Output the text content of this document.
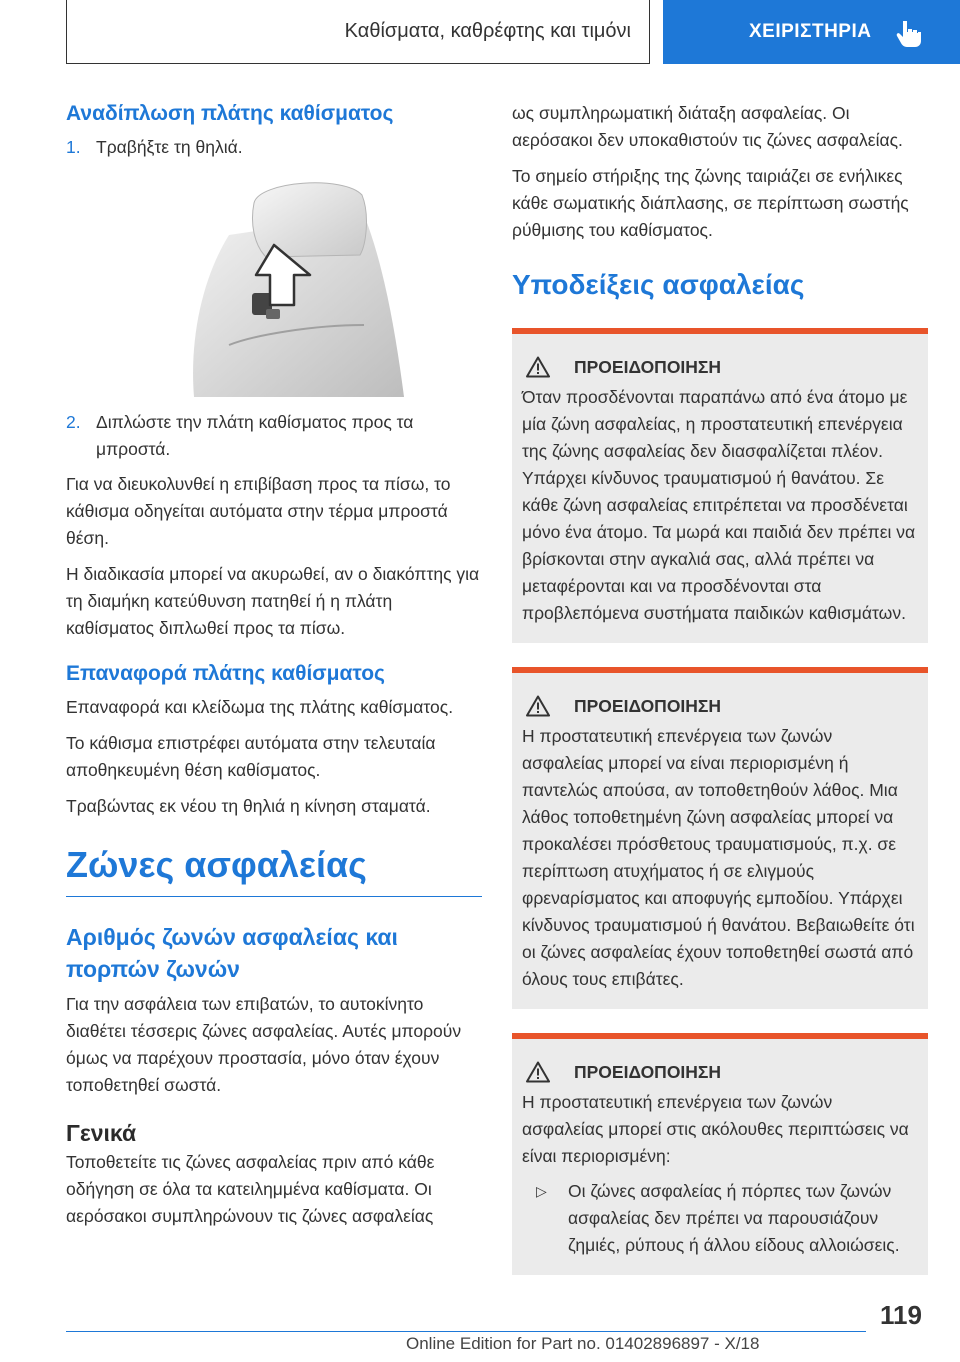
Καθίσματα, καθρέφτης και τιμόνι	ΧΕΙΡΙΣΤΗΡΙΑ
Αναδίπλωση πλάτης καθίσματος
1. Τραβήξτε τη θηλιά.
2. Διπλώστε την πλάτη καθίσματος προς τα μπροστά.

Για να διευκολυνθεί η επιβίβαση προς τα πίσω, το κάθισμα οδηγείται αυτόματα στην τέρμα μπροστά θέση.

Η διαδικασία μπορεί να ακυρωθεί, αν ο διακόπτης για τη διαμήκη κατεύθυνση πατηθεί ή η πλάτη καθίσματος διπλωθεί προς τα πίσω.

Επαναφορά πλάτης καθίσματος

Επαναφορά και κλείδωμα της πλάτης καθίσματος.

Το κάθισμα επιστρέφει αυτόματα στην τελευταία αποθηκευμένη θέση καθίσματος.

Τραβώντας εκ νέου τη θηλιά η κίνηση σταματά.

Ζώνες ασφαλείας
Αριθμός ζωνών ασφαλείας και πορπών ζωνών

Για την ασφάλεια των επιβατών, το αυτοκίνητο διαθέτει τέσσερις ζώνες ασφαλείας. Αυτές μπορούν όμως να παρέχουν προστασία, μόνο όταν έχουν τοποθετηθεί σωστά.

Γενικά

Τοποθετείτε τις ζώνες ασφαλείας πριν από κάθε οδήγηση σε όλα τα κατειλημμένα καθίσματα. Οι αερόσακοι συμπληρώνουν τις ζώνες ασφαλείας

ως συμπληρωματική διάταξη ασφαλείας. Οι αερόσακοι δεν υποκαθιστούν τις ζώνες ασφαλείας.

Το σημείο στήριξης της ζώνης ταιριάζει σε ενήλικες κάθε σωματικής διάπλασης, σε περίπτωση σωστής ρύθμισης του καθίσματος.

Υποδείξεις ασφαλείας
ΠΡΟΕΙΔΟΠΟΙΗΣΗ

Όταν προσδένονται παραπάνω από ένα άτομο με μία ζώνη ασφαλείας, η προστατευτική επενέργεια της ζώνης ασφαλείας δεν διασφαλίζεται πλέον. Υπάρχει κίνδυνος τραυματισμού ή θανάτου. Σε κάθε ζώνη ασφαλείας επιτρέπεται να προσδένεται μόνο ένα άτομο. Τα μωρά και παιδιά δεν πρέπει να βρίσκονται στην αγκαλιά σας, αλλά πρέπει να μεταφέρονται και να προσδένονται στα προβλεπόμενα συστήματα παιδικών καθισμάτων.

ΠΡΟΕΙΔΟΠΟΙΗΣΗ

Η προστατευτική επενέργεια των ζωνών ασφαλείας μπορεί να είναι περιορισμένη ή παντελώς απούσα, αν τοποθετηθούν λάθος. Μια λάθος τοποθετημένη ζώνη ασφαλείας μπορεί να προκαλέσει πρόσθετους τραυματισμούς, π.χ. σε περίπτωση ατυχήματος ή σε ελιγμούς φρεναρίσματος και αποφυγής εμποδίου. Υπάρχει κίνδυνος τραυματισμού ή θανάτου. Βεβαιωθείτε ότι οι ζώνες ασφαλείας έχουν τοποθετηθεί σωστά από όλους τους επιβάτες.

ΠΡΟΕΙΔΟΠΟΙΗΣΗ

Η προστατευτική επενέργεια των ζωνών ασφαλείας μπορεί στις ακόλουθες περιπτώσεις να είναι περιορισμένη:

▷	Οι ζώνες ασφαλείας ή πόρπες των ζωνών ασφαλείας δεν πρέπει να παρουσιάζουν ζημιές, ρύπους ή άλλου είδους αλλοιώσεις.
119
Online Edition for Part no. 01402896897 - X/18
